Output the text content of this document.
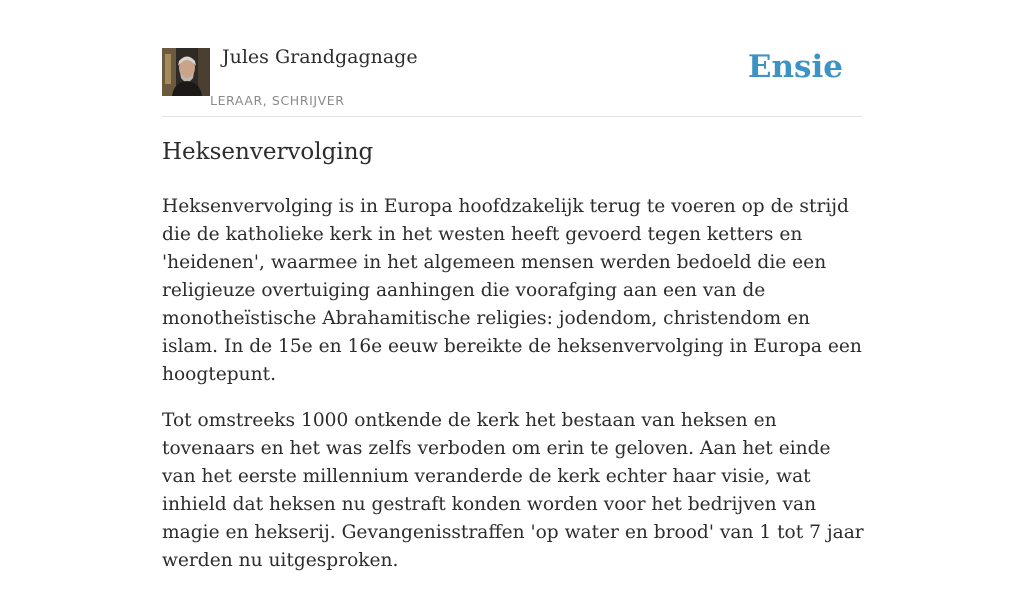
Jules Grandgagnage
LERAAR, SCHRIJVER
Ensie
Heksenvervolging

Heksenvervolging is in Europa hoofdzakelijk terug te voeren op de strijd die de katholieke kerk in het westen heeft gevoerd tegen ketters en 'heidenen', waarmee in het algemeen mensen werden bedoeld die een religieuze overtuiging aanhingen die voorafging aan een van de monotheïstische Abrahamitische religies: jodendom, christendom en islam. In de 15e en 16e eeuw bereikte de heksenvervolging in Europa een hoogtepunt.

Tot omstreeks 1000 ontkende de kerk het bestaan van heksen en tovenaars en het was zelfs verboden om erin te geloven. Aan het einde van het eerste millennium veranderde de kerk echter haar visie, wat inhield dat heksen nu gestraft konden worden voor het bedrijven van magie en hekserij. Gevangenisstraffen 'op water en brood' van 1 tot 7 jaar werden nu uitgesproken.
